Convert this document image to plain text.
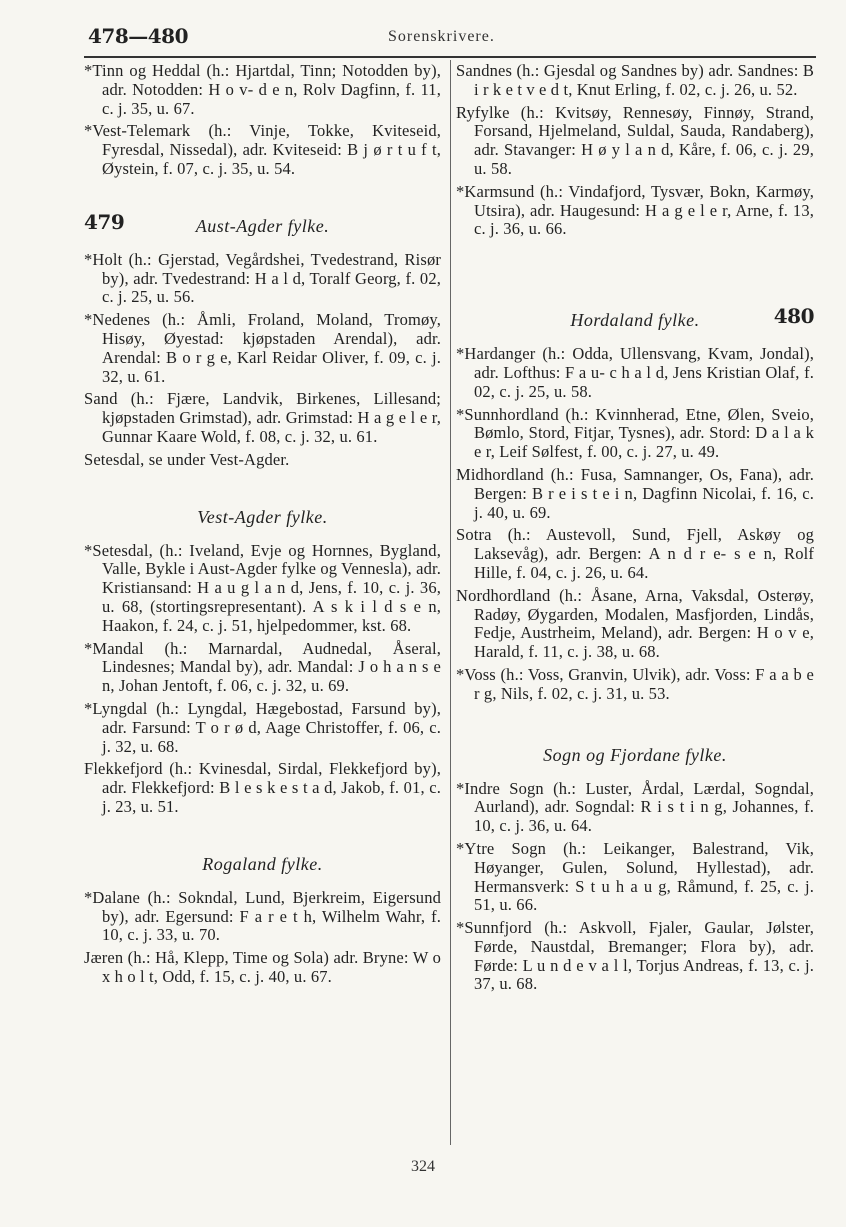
478—480	Sorenskrivere.

*Tinn og Heddal (h.: Hjartdal, Tinn; Notodden by), adr. Notodden: H o v- d e n, Rolv Dagfinn, f. 11, c. j. 35, u. 67.

*Vest-Telemark (h.: Vinje, Tokke, Kviteseid, Fyresdal, Nissedal), adr. Kviteseid: B j ø r t u f t, Øystein, f. 07, c. j. 35, u. 54.

479	Aust-Agder fylke.

*Holt (h.: Gjerstad, Vegårdshei, Tvedestrand, Risør by), adr. Tvedestrand: H a l d, Toralf Georg, f. 02, c. j. 25, u. 56.

*Nedenes (h.: Åmli, Froland, Moland, Tromøy, Hisøy, Øyestad: kjøpstaden Arendal), adr. Arendal: B o r g e, Karl Reidar Oliver, f. 09, c. j. 32, u. 61.

Sand (h.: Fjære, Landvik, Birkenes, Lillesand; kjøpstaden Grimstad), adr. Grimstad: H a g e l e r, Gunnar Kaare Wold, f. 08, c. j. 32, u. 61.

Setesdal, se under Vest-Agder.

Vest-Agder fylke.

*Setesdal, (h.: Iveland, Evje og Hornnes, Bygland, Valle, Bykle i Aust-Agder fylke og Vennesla), adr. Kristiansand: H a u g l a n d, Jens, f. 10, c. j. 36, u. 68, (stortingsrepresentant). A s k i l d s e n, Haakon, f. 24, c. j. 51, hjelpedommer, kst. 68.

*Mandal (h.: Marnardal, Audnedal, Åseral, Lindesnes; Mandal by), adr. Mandal: J o h a n s e n, Johan Jentoft, f. 06, c. j. 32, u. 69.

*Lyngdal (h.: Lyngdal, Hægebostad, Farsund by), adr. Farsund: T o r ø d, Aage Christoffer, f. 06, c. j. 32, u. 68.

Flekkefjord (h.: Kvinesdal, Sirdal, Flekkefjord by), adr. Flekkefjord: B l e s k e s t a d, Jakob, f. 01, c. j. 23, u. 51.

Rogaland fylke.

*Dalane (h.: Sokndal, Lund, Bjerkreim, Eigersund by), adr. Egersund: F a r e t h, Wilhelm Wahr, f. 10, c. j. 33, u. 70.

Jæren (h.: Hå, Klepp, Time og Sola) adr. Bryne: W o x h o l t, Odd, f. 15, c. j. 40, u. 67.

Sandnes (h.: Gjesdal og Sandnes by) adr. Sandnes: B i r k e t v e d t, Knut Erling, f. 02, c. j. 26, u. 52.

Ryfylke (h.: Kvitsøy, Rennesøy, Finnøy, Strand, Forsand, Hjelmeland, Suldal, Sauda, Randaberg), adr. Stavanger: H ø y l a n d, Kåre, f. 06, c. j. 29, u. 58.

*Karmsund (h.: Vindafjord, Tysvær, Bokn, Karmøy, Utsira), adr. Haugesund: H a g e l e r, Arne, f. 13, c. j. 36, u. 66.

480
Hordaland fylke.

*Hardanger (h.: Odda, Ullensvang, Kvam, Jondal), adr. Lofthus: F a u- c h a l d, Jens Kristian Olaf, f. 02, c. j. 25, u. 58.

*Sunnhordland (h.: Kvinnherad, Etne, Ølen, Sveio, Bømlo, Stord, Fitjar, Tysnes), adr. Stord: D a l a k e r, Leif Sølfest, f. 00, c. j. 27, u. 49.

Midhordland (h.: Fusa, Samnanger, Os, Fana), adr. Bergen: B r e i s t e i n, Dagfinn Nicolai, f. 16, c. j. 40, u. 69.

Sotra (h.: Austevoll, Sund, Fjell, Askøy og Laksevåg), adr. Bergen: A n d r e- s e n, Rolf Hille, f. 04, c. j. 26, u. 64.

Nordhordland (h.: Åsane, Arna, Vaksdal, Osterøy, Radøy, Øygarden, Modalen, Masfjorden, Lindås, Fedje, Austrheim, Meland), adr. Bergen: H o v e, Harald, f. 11, c. j. 38, u. 68.

*Voss (h.: Voss, Granvin, Ulvik), adr. Voss: F a a b e r g, Nils, f. 02, c. j. 31, u. 53.

Sogn og Fjordane fylke.

*Indre Sogn (h.: Luster, Årdal, Lærdal, Sogndal, Aurland), adr. Sogndal: R i s t i n g, Johannes, f. 10, c. j. 36, u. 64.

*Ytre Sogn (h.: Leikanger, Balestrand, Vik, Høyanger, Gulen, Solund, Hyllestad), adr. Hermansverk: S t u h a u g, Råmund, f. 25, c. j. 51, u. 66.

*Sunnfjord (h.: Askvoll, Fjaler, Gaular, Jølster, Førde, Naustdal, Bremanger; Flora by), adr. Førde: L u n d e v a l l, Torjus Andreas, f. 13, c. j. 37, u. 68.

324
